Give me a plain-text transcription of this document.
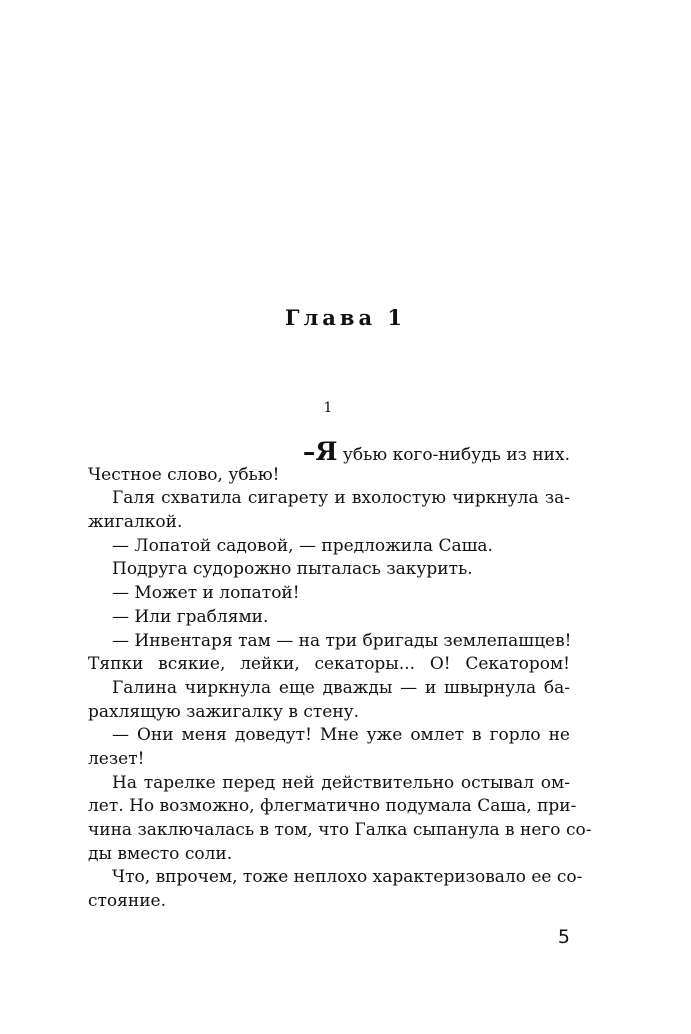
Глава 1
1
–Я убью кого-нибудь из них.
Честное слово, убью!
Галя схватила сигарету и вхолостую чиркнула за-
жигалкой.
— Лопатой садовой, — предложила Саша.
Подруга судорожно пыталась закурить.
— Может и лопатой!
— Или граблями.
— Инвентаря там — на три бригады землепашцев!
Тяпки всякие, лейки, секаторы... О! Секатором!
Галина чиркнула еще дважды — и швырнула ба-
рахлящую зажигалку в стену.
— Они меня доведут! Мне уже омлет в горло не
лезет!
На тарелке перед ней действительно остывал ом-
лет. Но возможно, флегматично подумала Саша, при-
чина заключалась в том, что Галка сыпанула в него со-
ды вместо соли.
Что, впрочем, тоже неплохо характеризовало ее со-
стояние.
5
